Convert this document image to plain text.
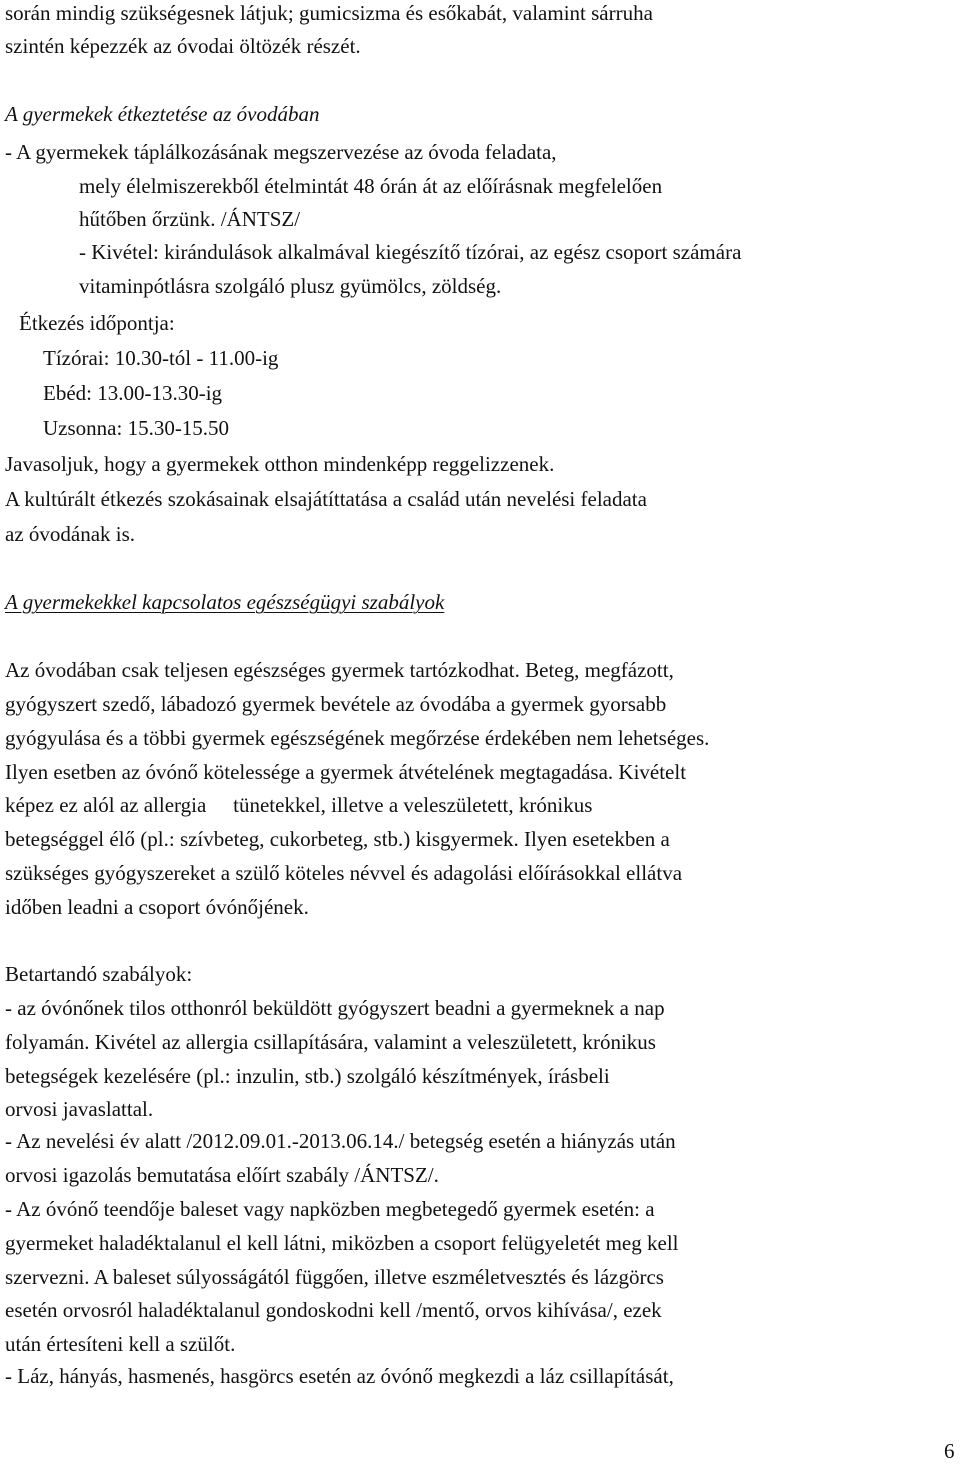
során mindig szükségesnek látjuk; gumicsizma és esőkabát, valamint sárruha
szintén képezzék az óvodai öltözék részét.
A gyermekek étkeztetése az óvodában
- A gyermekek táplálkozásának megszervezése az óvoda feladata,
mely élelmiszerekből ételmintát 48 órán át az előírásnak megfelelően
hűtőben őrzünk. /ÁNTSZ/
- Kivétel: kirándulások alkalmával kiegészítő tízórai, az egész csoport számára
vitaminpótlásra szolgáló plusz gyümölcs, zöldség.
Étkezés időpontja:
Tízórai: 10.30-tól - 11.00-ig
Ebéd: 13.00-13.30-ig
Uzsonna: 15.30-15.50
Javasoljuk, hogy a gyermekek otthon mindenképp reggelizzenek.
A kultúrált étkezés szokásainak elsajátíttatása a család után nevelési feladata
az óvodának is.
A gyermekekkel kapcsolatos egészségügyi szabályok
Az óvodában csak teljesen egészséges gyermek tartózkodhat. Beteg, megfázott,
gyógyszert szedő, lábadozó gyermek bevétele az óvodába a gyermek gyorsabb
gyógyulása és a többi gyermek egészségének megőrzése érdekében nem lehetséges.
Ilyen esetben az óvónő kötelessége a gyermek átvételének megtagadása. Kivételt
képez ez alól az allergia tünetekkel, illetve a veleszületett, krónikus
betegséggel élő (pl.: szívbeteg, cukorbeteg, stb.) kisgyermek. Ilyen esetekben a
szükséges gyógyszereket a szülő köteles névvel és adagolási előírásokkal ellátva
időben leadni a csoport óvónőjének.
Betartandó szabályok:
- az óvónőnek tilos otthonról beküldött gyógyszert beadni a gyermeknek a nap
folyamán. Kivétel az allergia csillapítására, valamint a veleszületett, krónikus
betegségek kezelésére (pl.: inzulin, stb.) szolgáló készítmények, írásbeli
orvosi javaslattal.
- Az nevelési év alatt /2012.09.01.-2013.06.14./ betegség esetén a hiányzás után
orvosi igazolás bemutatása előírt szabály /ÁNTSZ/.
- Az óvónő teendője baleset vagy napközben megbetegedő gyermek esetén: a
gyermeket haladéktalanul el kell látni, miközben a csoport felügyeletét meg kell
szervezni. A baleset súlyosságától függően, illetve eszméletvesztés és lázgörcs
esetén orvosról haladéktalanul gondoskodni kell /mentő, orvos kihívása/, ezek
után értesíteni kell a szülőt.
- Láz, hányás, hasmenés, hasgörcs esetén az óvónő megkezdi a láz csillapítását,
6
